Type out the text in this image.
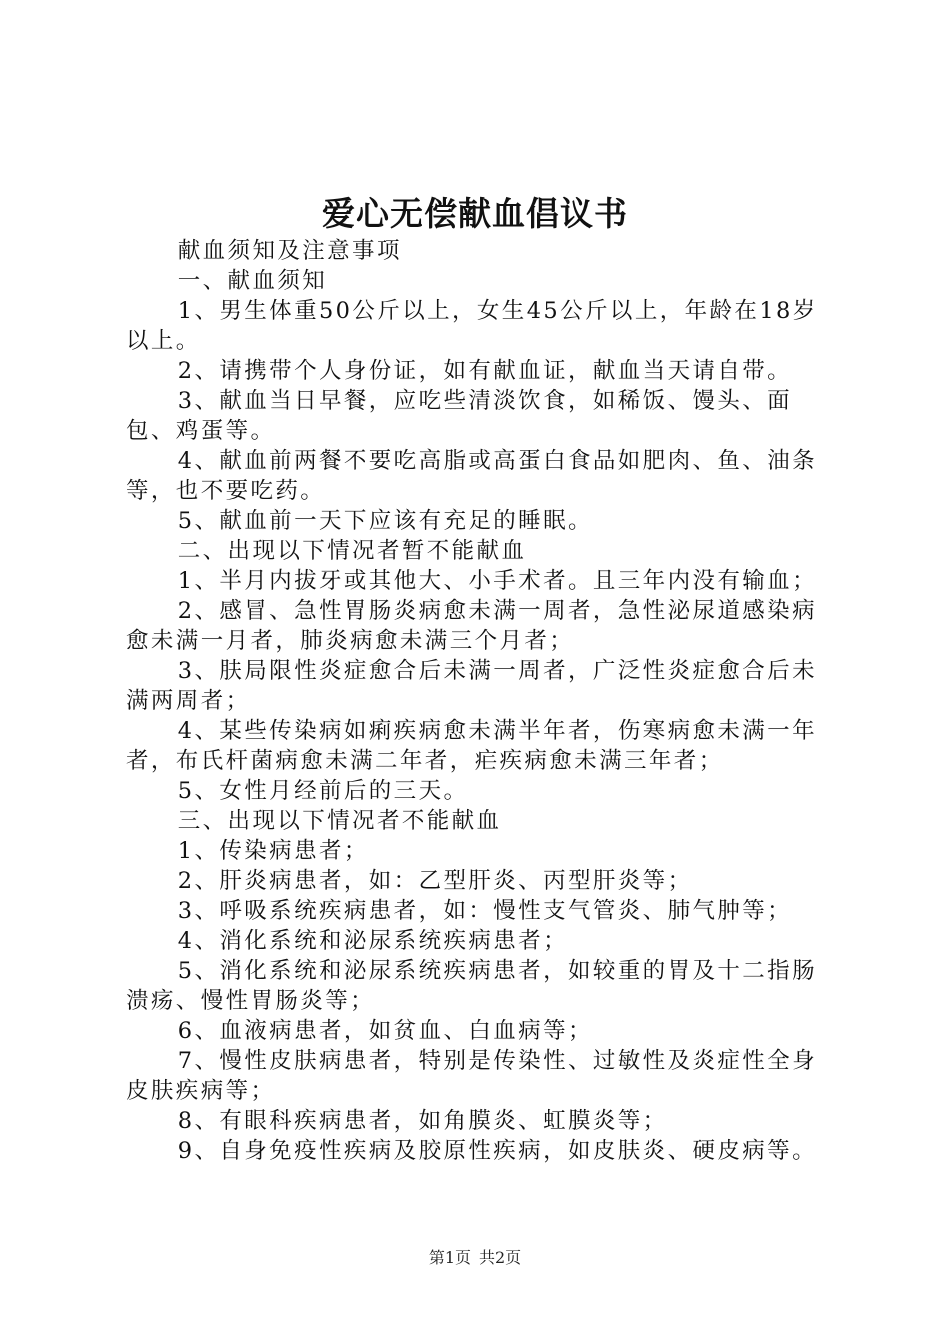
爱心无偿献血倡议书

献血须知及注意事项

一、献血须知

1、男生体重50公斤以上，女生45公斤以上，年龄在18岁以上。

2、请携带个人身份证，如有献血证，献血当天请自带。

3、献血当日早餐，应吃些清淡饮食，如稀饭、馒头、面包、鸡蛋等。

4、献血前两餐不要吃高脂或高蛋白食品如肥肉、鱼、油条等，也不要吃药。

5、献血前一天下应该有充足的睡眠。

二、出现以下情况者暂不能献血

1、半月内拔牙或其他大、小手术者。且三年内没有输血；

2、感冒、急性胃肠炎病愈未满一周者，急性泌尿道感染病愈未满一月者，肺炎病愈未满三个月者；

3、肤局限性炎症愈合后未满一周者，广泛性炎症愈合后未满两周者；

4、某些传染病如痢疾病愈未满半年者，伤寒病愈未满一年者，布氏杆菌病愈未满二年者，疟疾病愈未满三年者；

5、女性月经前后的三天。

三、出现以下情况者不能献血

1、传染病患者；

2、肝炎病患者，如：乙型肝炎、丙型肝炎等；

3、呼吸系统疾病患者，如：慢性支气管炎、肺气肿等；

4、消化系统和泌尿系统疾病患者；

5、消化系统和泌尿系统疾病患者，如较重的胃及十二指肠溃疡、慢性胃肠炎等；

6、血液病患者，如贫血、白血病等；

7、慢性皮肤病患者，特别是传染性、过敏性及炎症性全身皮肤疾病等；

8、有眼科疾病患者，如角膜炎、虹膜炎等；

9、自身免疫性疾病及胶原性疾病，如皮肤炎、硬皮病等。

第1页 共2页
